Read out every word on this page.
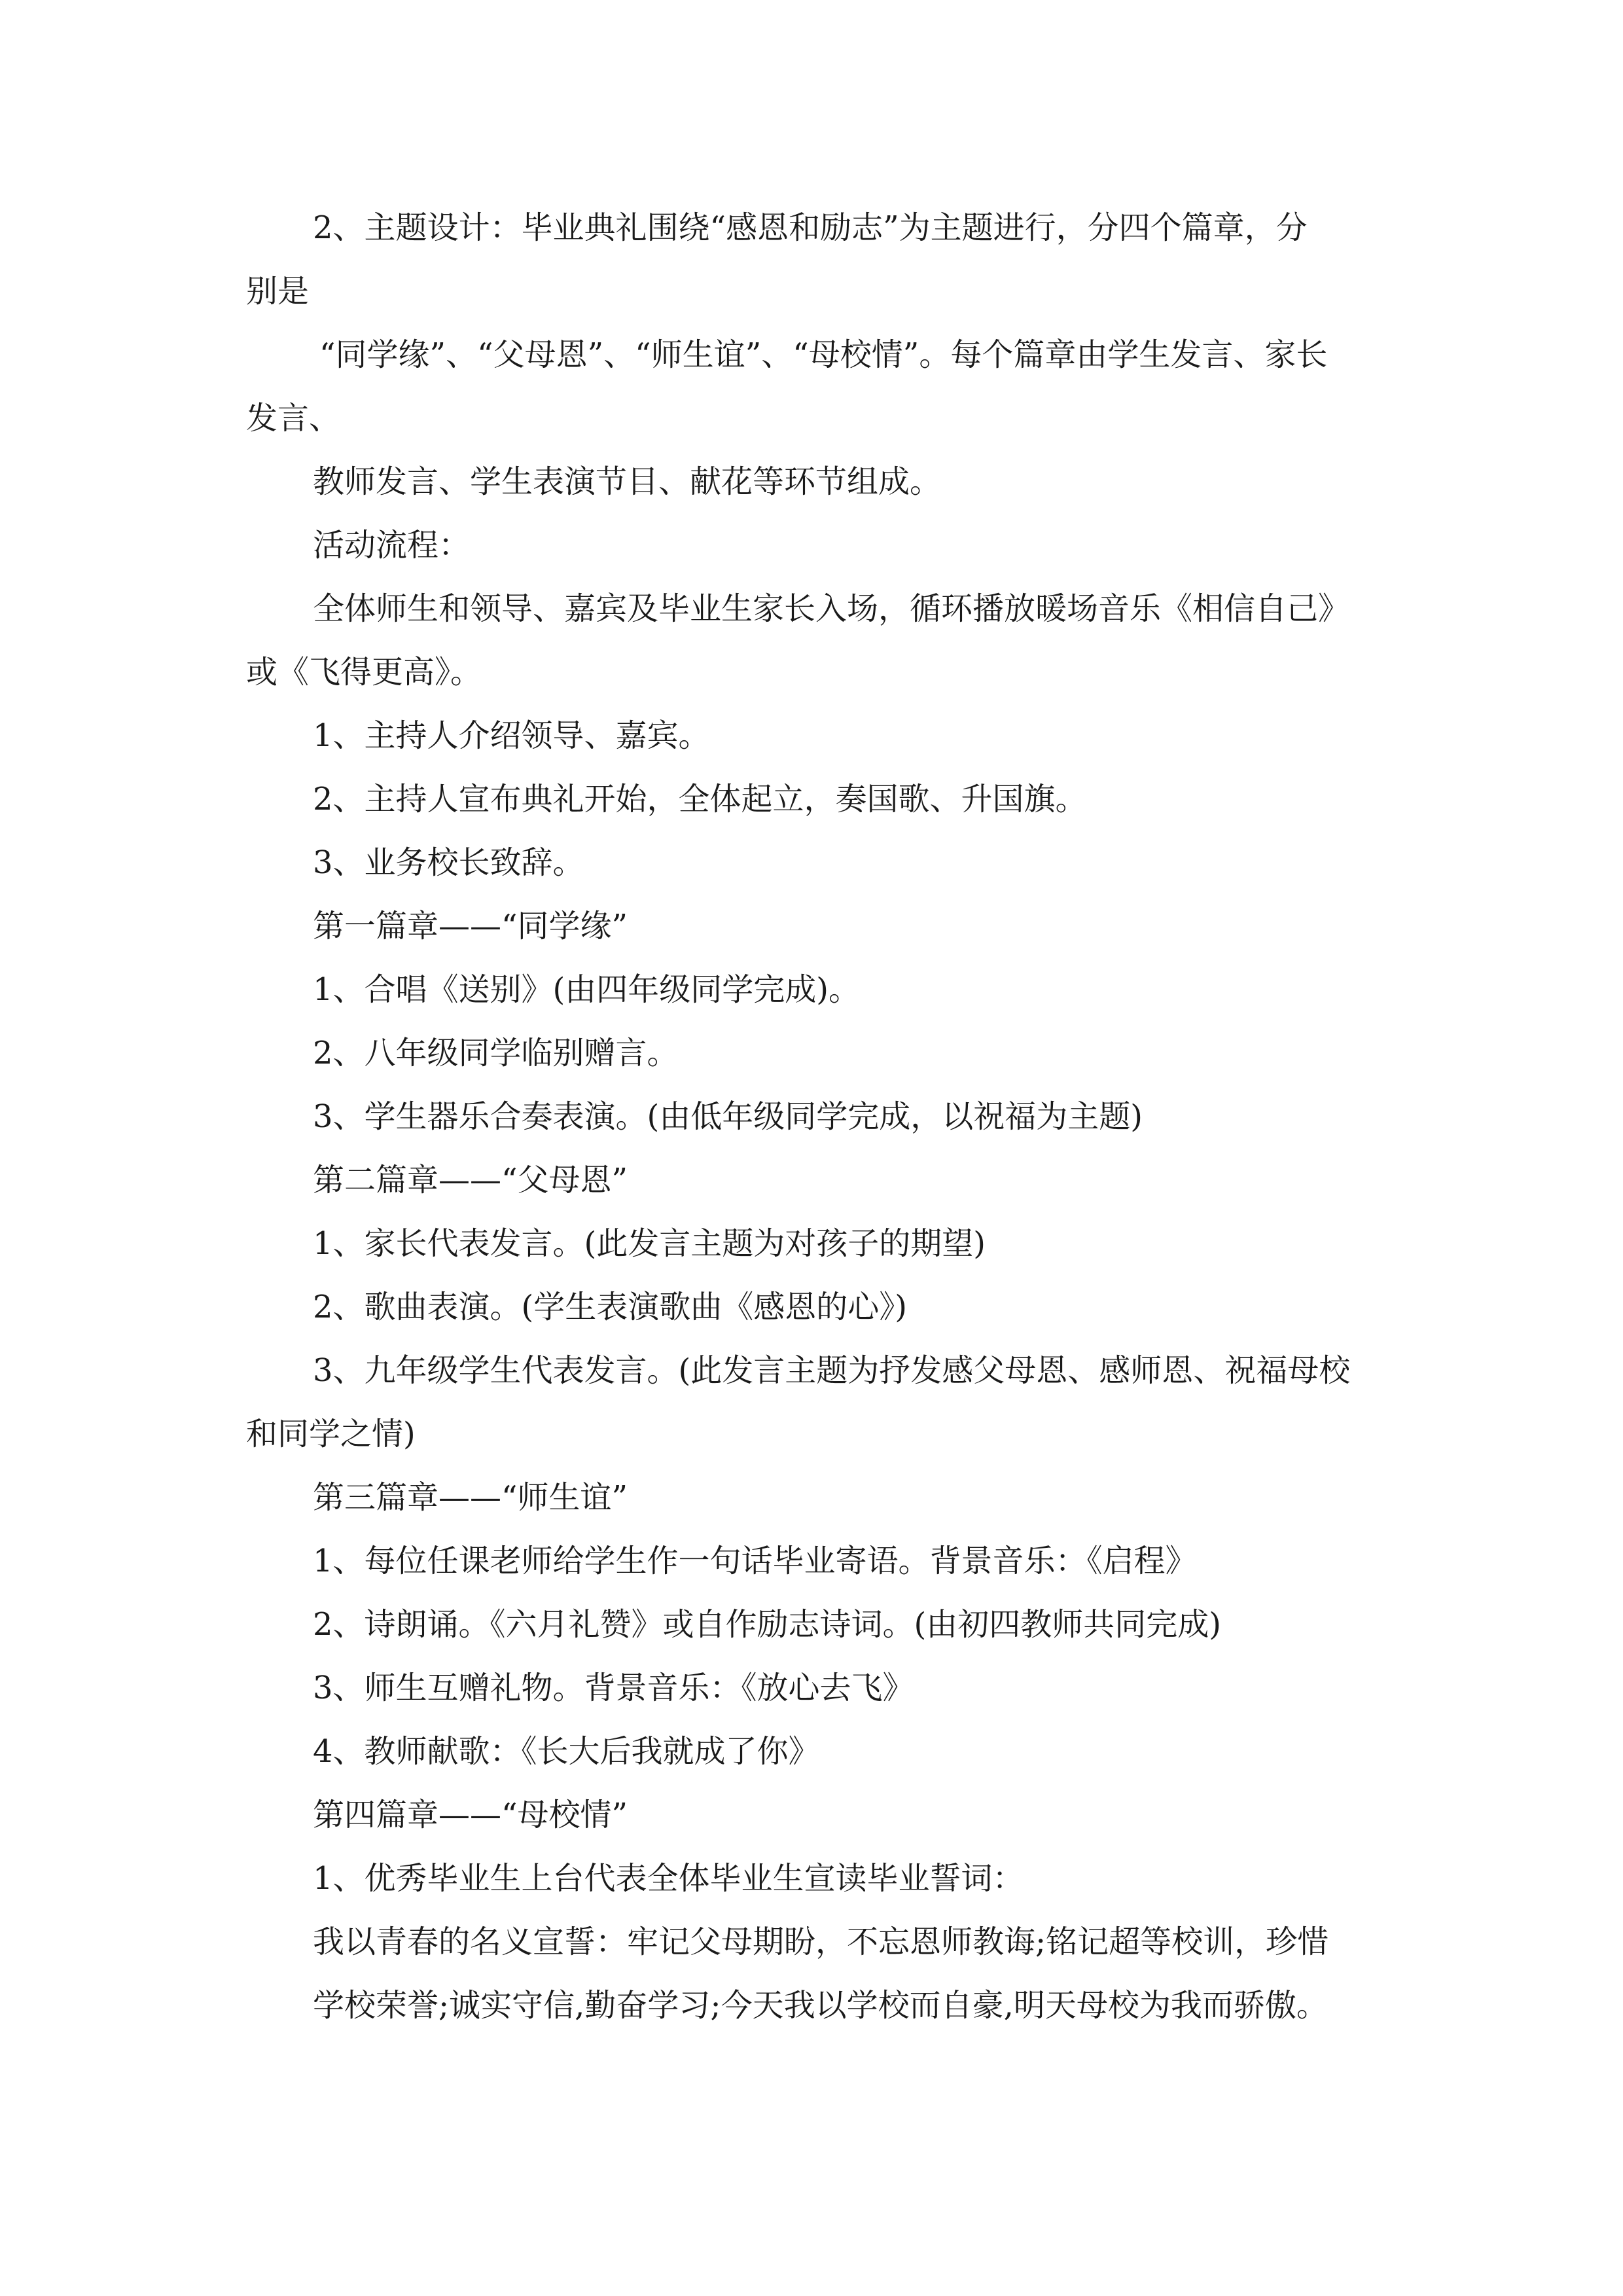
2、主题设计：毕业典礼围绕“感恩和励志”为主题进行，分四个篇章，分
别是
“同学缘”、“父母恩”、“师生谊”、“母校情”。每个篇章由学生发言、家长
发言、
教师发言、学生表演节目、献花等环节组成。
活动流程：
全体师生和领导、嘉宾及毕业生家长入场，循环播放暖场音乐《相信自己》
或《飞得更高》。
1、主持人介绍领导、嘉宾。
2、主持人宣布典礼开始，全体起立，奏国歌、升国旗。
3、业务校长致辞。
第一篇章——“同学缘”
1、合唱《送别》(由四年级同学完成)。
2、八年级同学临别赠言。
3、学生器乐合奏表演。(由低年级同学完成，以祝福为主题)
第二篇章——“父母恩”
1、家长代表发言。(此发言主题为对孩子的期望)
2、歌曲表演。(学生表演歌曲《感恩的心》)
3、九年级学生代表发言。(此发言主题为抒发感父母恩、感师恩、祝福母校
和同学之情)
第三篇章——“师生谊”
1、每位任课老师给学生作一句话毕业寄语。背景音乐：《启程》
2、诗朗诵。《六月礼赞》或自作励志诗词。(由初四教师共同完成)
3、师生互赠礼物。背景音乐：《放心去飞》
4、教师献歌：《长大后我就成了你》
第四篇章——“母校情”
1、优秀毕业生上台代表全体毕业生宣读毕业誓词：
我以青春的名义宣誓：牢记父母期盼，不忘恩师教诲;铭记超等校训，珍惜
学校荣誉;诚实守信,勤奋学习;今天我以学校而自豪,明天母校为我而骄傲。
